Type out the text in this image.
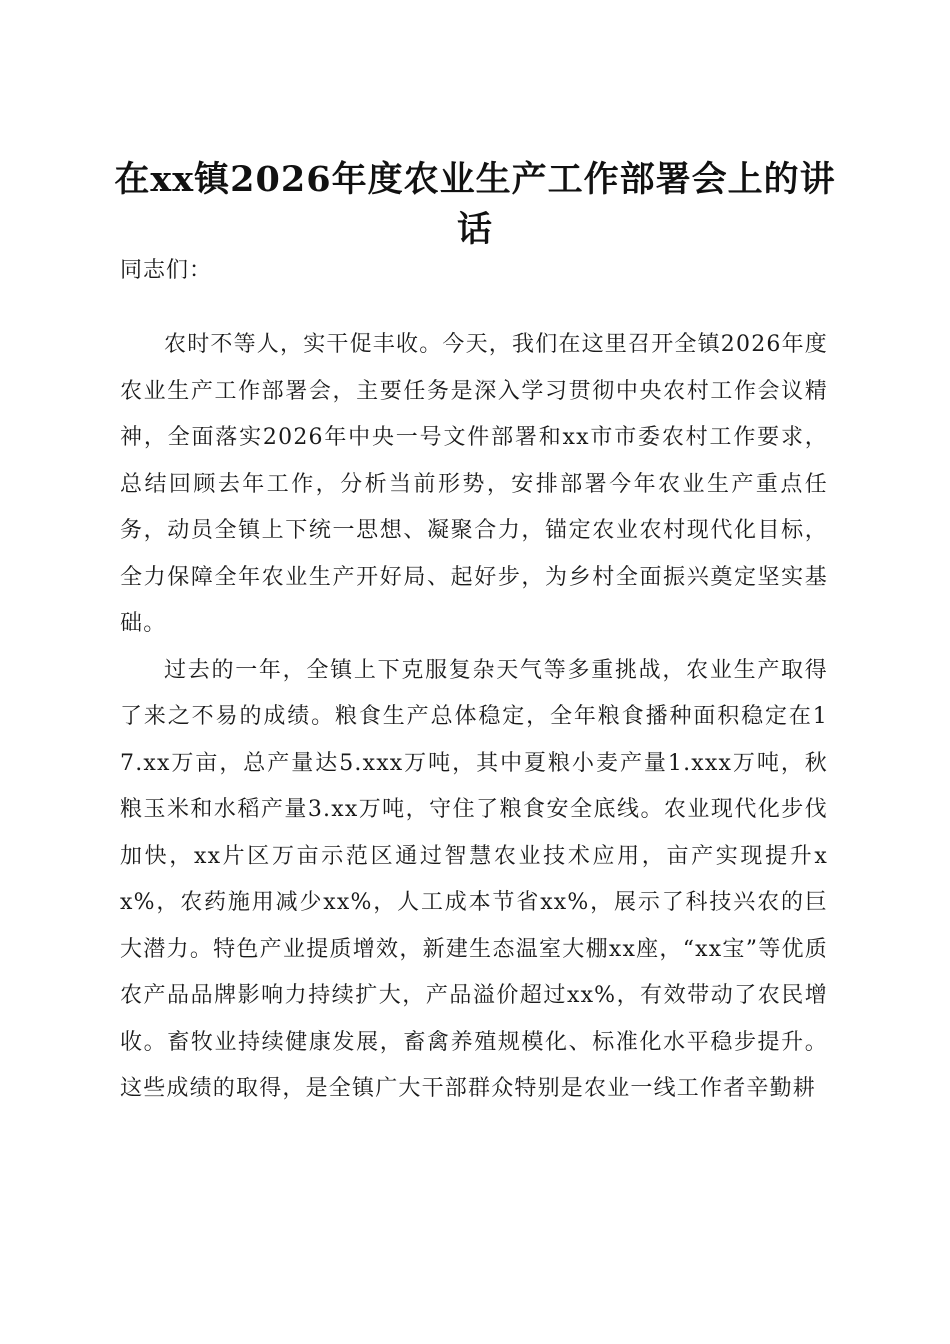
在xx镇2026年度农业生产工作部署会上的讲
话
同志们：

农时不等人，实干促丰收。今天，我们在这里召开全镇2026年度农业生产工作部署会，主要任务是深入学习贯彻中央农村工作会议精神，全面落实2026年中央一号文件部署和xx市市委农村工作要求，总结回顾去年工作，分析当前形势，安排部署今年农业生产重点任务，动员全镇上下统一思想、凝聚合力，锚定农业农村现代化目标，全力保障全年农业生产开好局、起好步，为乡村全面振兴奠定坚实基础。

过去的一年，全镇上下克服复杂天气等多重挑战，农业生产取得了来之不易的成绩。粮食生产总体稳定，全年粮食播种面积稳定在17.xx万亩，总产量达5.xxx万吨，其中夏粮小麦产量1.xxx万吨，秋粮玉米和水稻产量3.xx万吨，守住了粮食安全底线。农业现代化步伐加快，xx片区万亩示范区通过智慧农业技术应用，亩产实现提升xx%，农药施用减少xx%，人工成本节省xx%，展示了科技兴农的巨大潜力。特色产业提质增效，新建生态温室大棚xx座，“xx宝”等优质农产品品牌影响力持续扩大，产品溢价超过xx%，有效带动了农民增收。畜牧业持续健康发展，畜禽养殖规模化、标准化水平稳步提升。这些成绩的取得，是全镇广大干部群众特别是农业一线工作者辛勤耕
